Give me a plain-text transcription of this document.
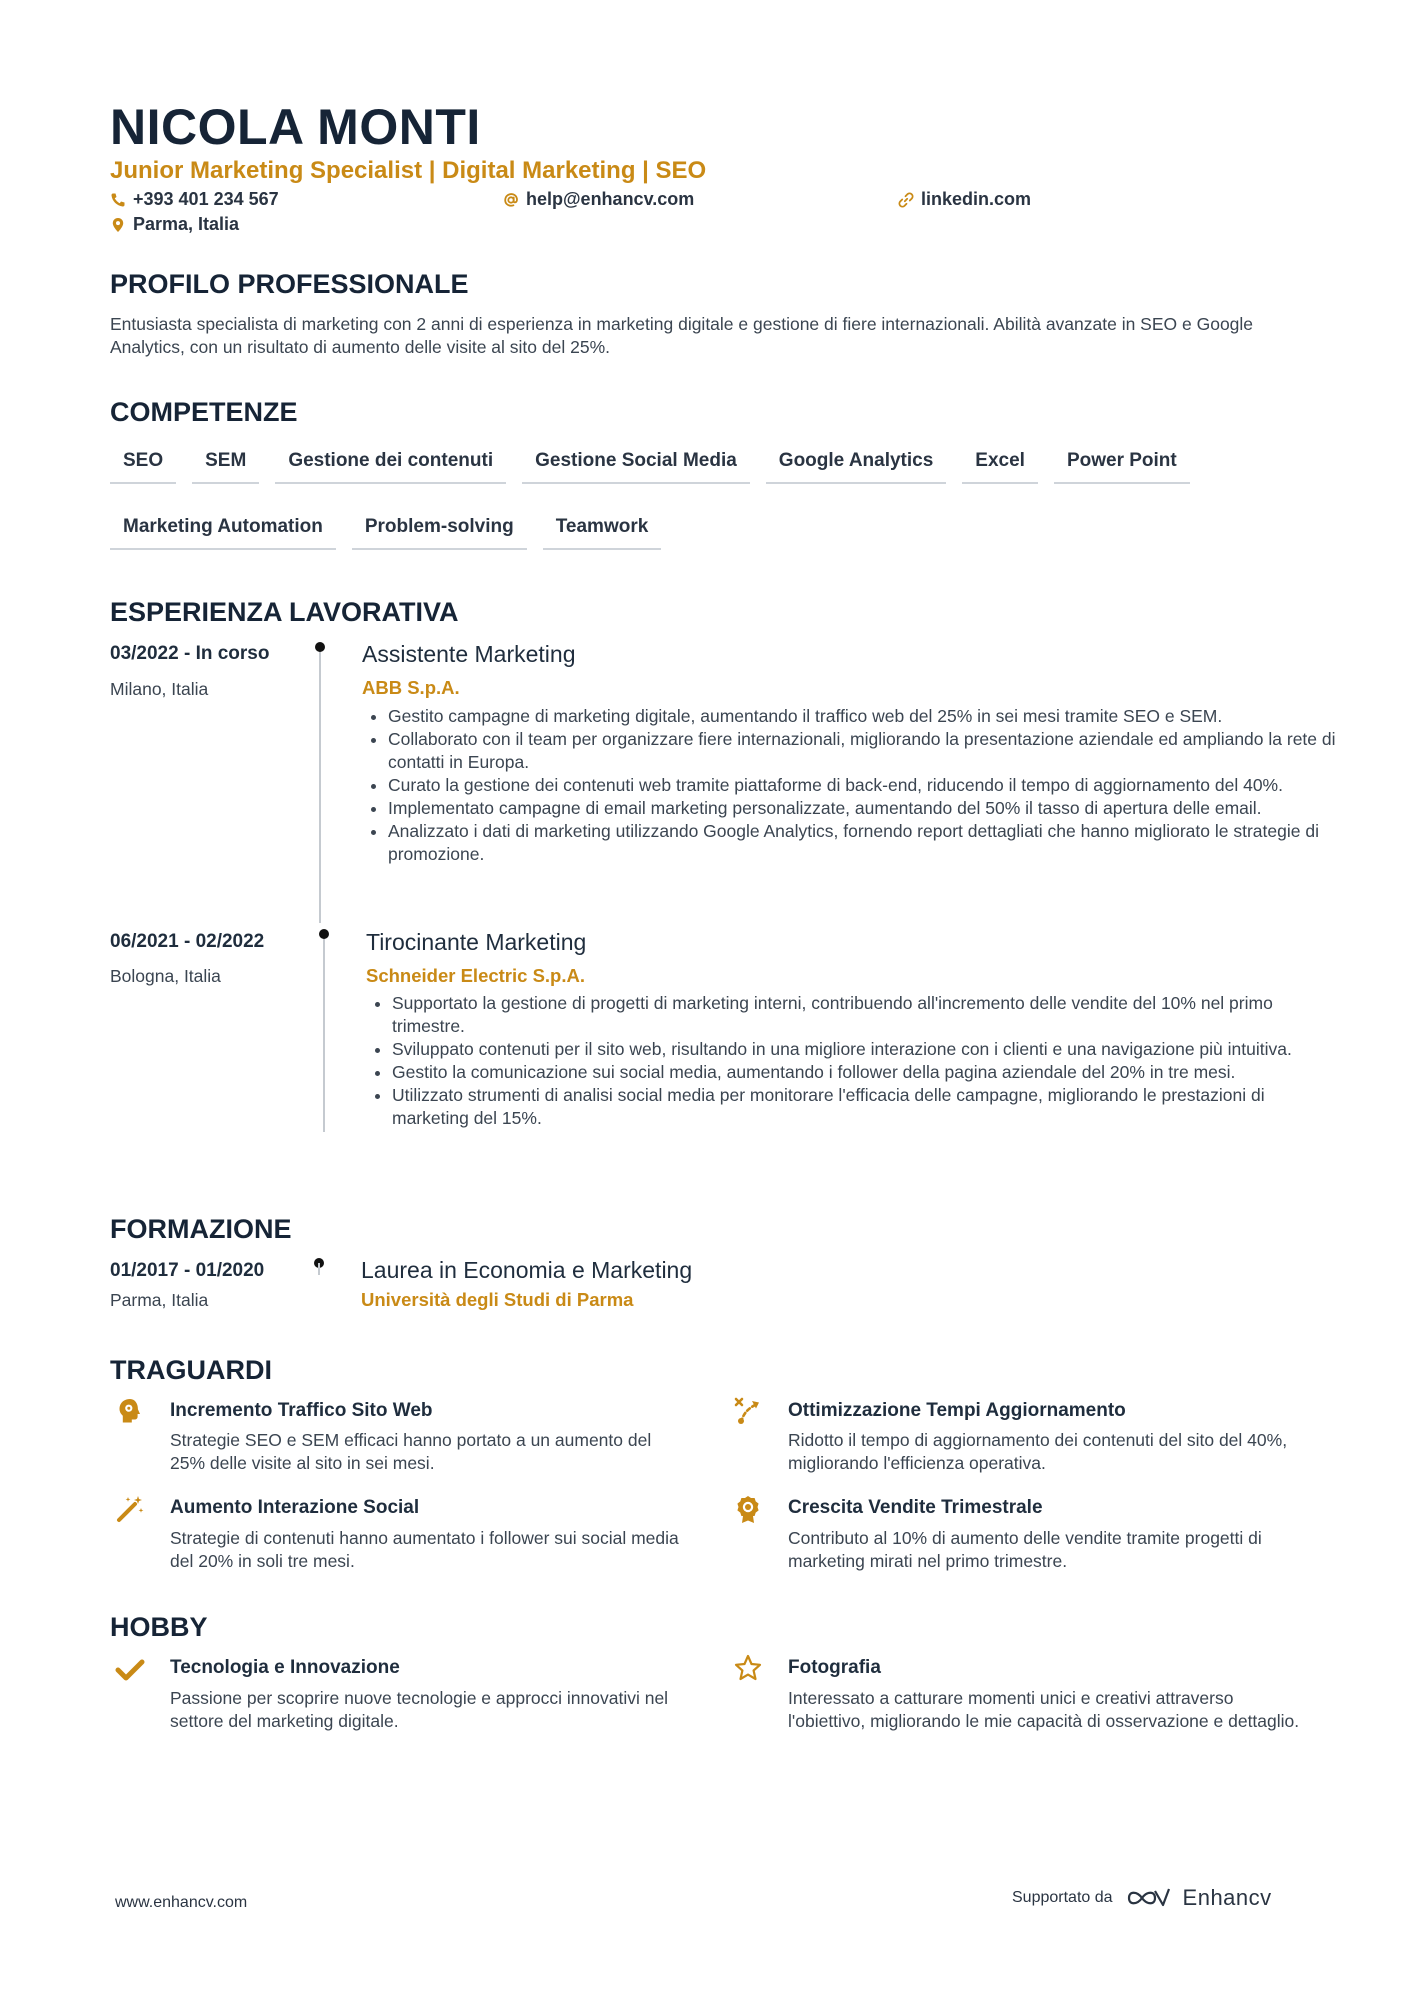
NICOLA MONTI
Junior Marketing Specialist | Digital Marketing | SEO
+393 401 234 567	help@enhancv.com	linkedin.com
Parma, Italia
PROFILO PROFESSIONALE
Entusiasta specialista di marketing con 2 anni di esperienza in marketing digitale e gestione di fiere internazionali. Abilità avanzate in SEO e Google Analytics, con un risultato di aumento delle visite al sito del 25%.
COMPETENZE
SEO	SEM	Gestione dei contenuti	Gestione Social Media	Google Analytics	Excel	Power Point
Marketing Automation	Problem-solving	Teamwork
ESPERIENZA LAVORATIVA
03/2022 - In corso
Milano, Italia
Assistente Marketing
ABB S.p.A.
• Gestito campagne di marketing digitale, aumentando il traffico web del 25% in sei mesi tramite SEO e SEM.
• Collaborato con il team per organizzare fiere internazionali, migliorando la presentazione aziendale ed ampliando la rete di contatti in Europa.
• Curato la gestione dei contenuti web tramite piattaforme di back-end, riducendo il tempo di aggiornamento del 40%.
• Implementato campagne di email marketing personalizzate, aumentando del 50% il tasso di apertura delle email.
• Analizzato i dati di marketing utilizzando Google Analytics, fornendo report dettagliati che hanno migliorato le strategie di promozione.
06/2021 - 02/2022
Bologna, Italia
Tirocinante Marketing
Schneider Electric S.p.A.
• Supportato la gestione di progetti di marketing interni, contribuendo all'incremento delle vendite del 10% nel primo trimestre.
• Sviluppato contenuti per il sito web, risultando in una migliore interazione con i clienti e una navigazione più intuitiva.
• Gestito la comunicazione sui social media, aumentando i follower della pagina aziendale del 20% in tre mesi.
• Utilizzato strumenti di analisi social media per monitorare l'efficacia delle campagne, migliorando le prestazioni di marketing del 15%.
FORMAZIONE
01/2017 - 01/2020
Parma, Italia
Laurea in Economia e Marketing
Università degli Studi di Parma
TRAGUARDI
Incremento Traffico Sito Web
Strategie SEO e SEM efficaci hanno portato a un aumento del 25% delle visite al sito in sei mesi.
Ottimizzazione Tempi Aggiornamento
Ridotto il tempo di aggiornamento dei contenuti del sito del 40%, migliorando l'efficienza operativa.
Aumento Interazione Social
Strategie di contenuti hanno aumentato i follower sui social media del 20% in soli tre mesi.
Crescita Vendite Trimestrale
Contributo al 10% di aumento delle vendite tramite progetti di marketing mirati nel primo trimestre.
HOBBY
Tecnologia e Innovazione
Passione per scoprire nuove tecnologie e approcci innovativi nel settore del marketing digitale.
Fotografia
Interessato a catturare momenti unici e creativi attraverso l'obiettivo, migliorando le mie capacità di osservazione e dettaglio.
www.enhancv.com	Supportato da	Enhancv
